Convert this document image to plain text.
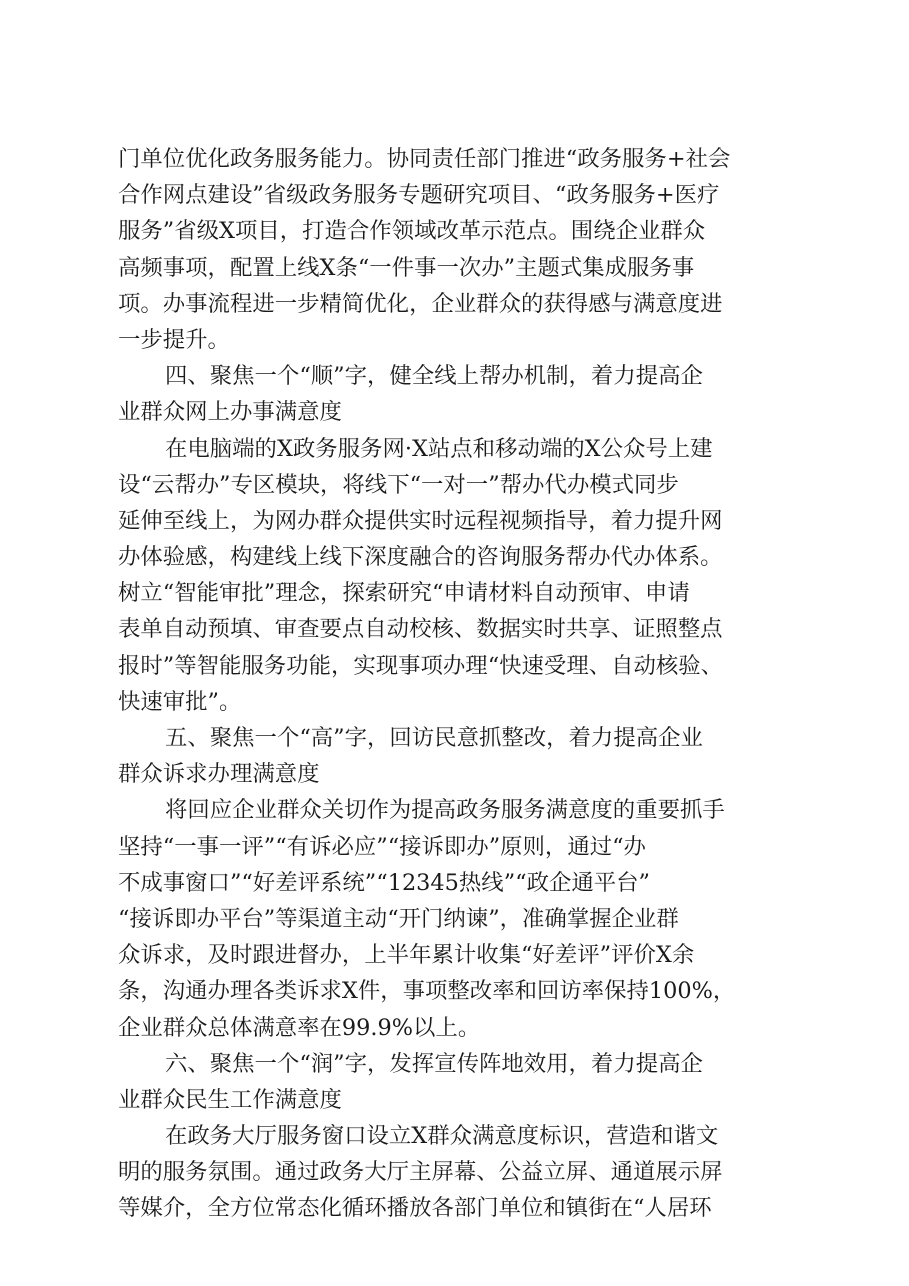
门单位优化政务服务能力。协同责任部门推进“政务服务+社会
合作网点建设”省级政务服务专题研究项目、“政务服务+医疗
服务”省级X项目，打造合作领域改革示范点。围绕企业群众
高频事项，配置上线X条“一件事一次办”主题式集成服务事
项。办事流程进一步精简优化，企业群众的获得感与满意度进
一步提升。
四、聚焦一个“顺”字，健全线上帮办机制，着力提高企
业群众网上办事满意度
在电脑端的X政务服务网·X站点和移动端的X公众号上建
设“云帮办”专区模块，将线下“一对一”帮办代办模式同步
延伸至线上，为网办群众提供实时远程视频指导，着力提升网
办体验感，构建线上线下深度融合的咨询服务帮办代办体系。
树立“智能审批”理念，探索研究“申请材料自动预审、申请
表单自动预填、审查要点自动校核、数据实时共享、证照整点
报时”等智能服务功能，实现事项办理“快速受理、自动核验、
快速审批”。
五、聚焦一个“高”字，回访民意抓整改，着力提高企业
群众诉求办理满意度
将回应企业群众关切作为提高政务服务满意度的重要抓手
坚持“一事一评”“有诉必应”“接诉即办”原则，通过“办
不成事窗口”“好差评系统”“12345热线”“政企通平台”
“接诉即办平台”等渠道主动“开门纳谏”，准确掌握企业群
众诉求，及时跟进督办，上半年累计收集“好差评”评价X余
条，沟通办理各类诉求X件，事项整改率和回访率保持100%，
企业群众总体满意率在99.9%以上。
六、聚焦一个“润”字，发挥宣传阵地效用，着力提高企
业群众民生工作满意度
在政务大厅服务窗口设立X群众满意度标识，营造和谐文
明的服务氛围。通过政务大厅主屏幕、公益立屏、通道展示屏
等媒介，全方位常态化循环播放各部门单位和镇街在“人居环
